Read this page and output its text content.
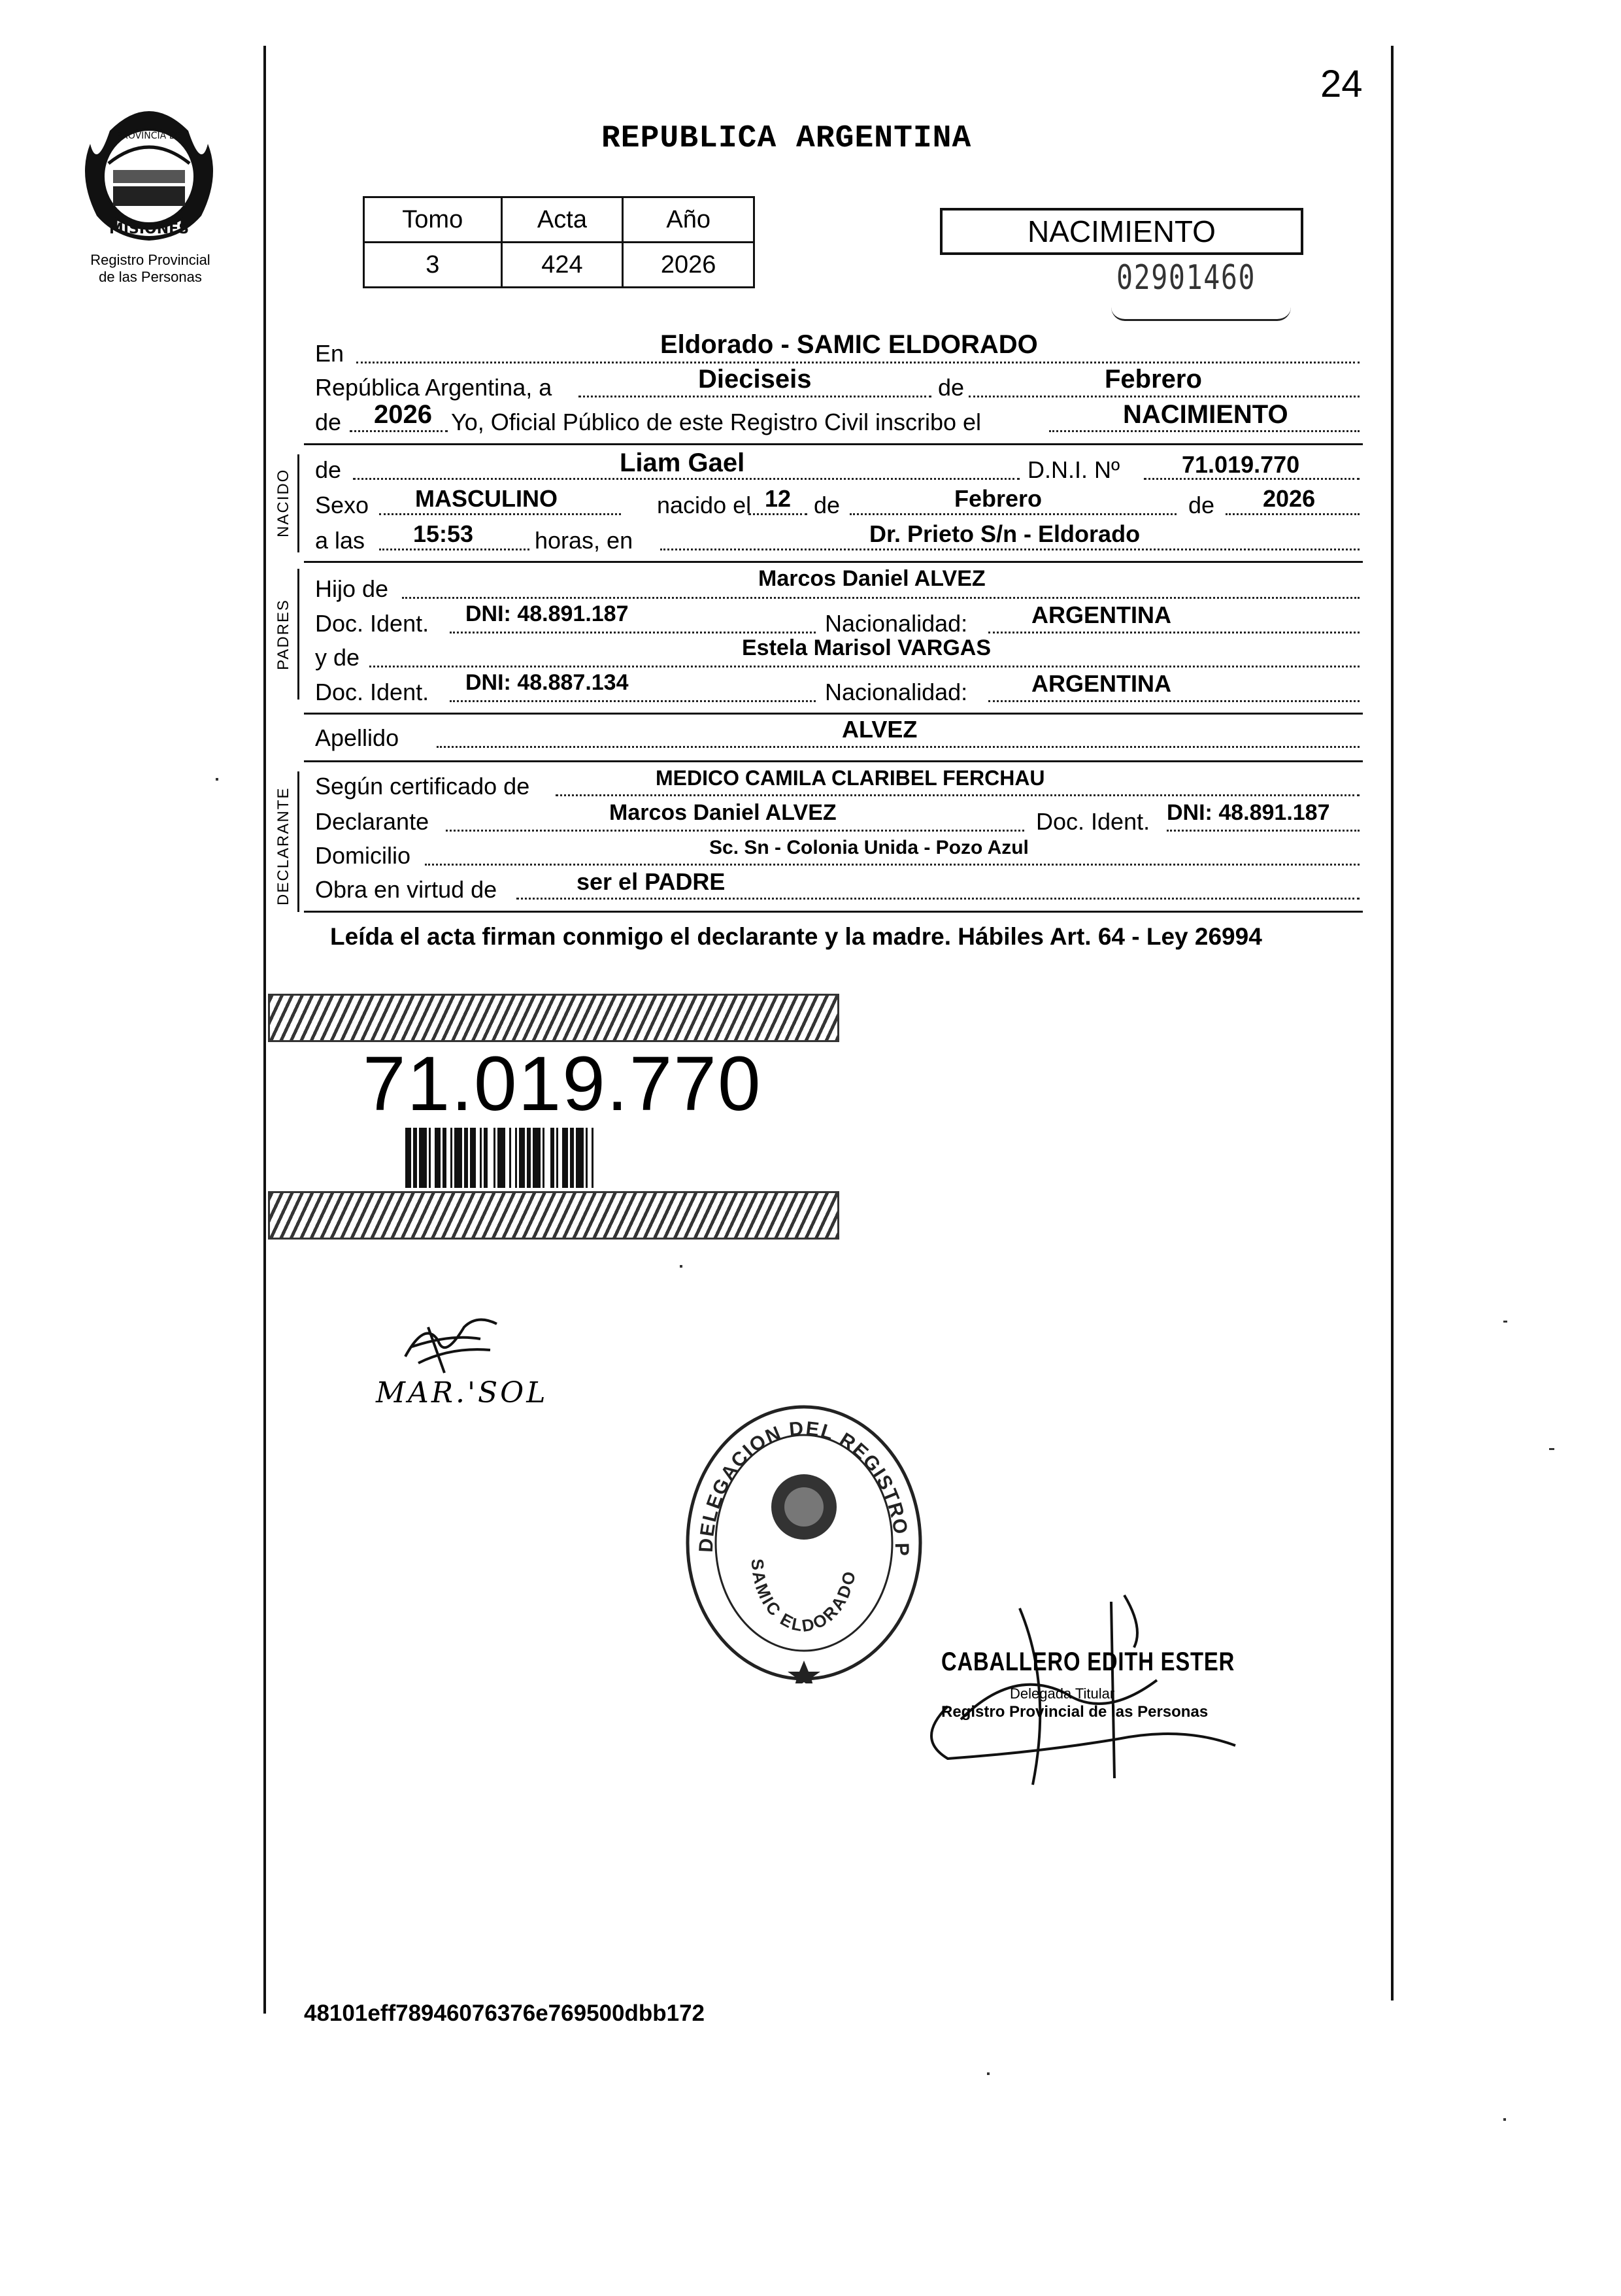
MISIONES
PROVINCIA DE
Registro Provincial
de las Personas
24
REPUBLICA ARGENTINA
Tomo	Acta	Año
3	424	2026
NACIMIENTO
02901460
En	Eldorado - SAMIC ELDORADO
República Argentina, a	Dieciseis	de	Febrero
de 2026 Yo, Oficial Público de este Registro Civil inscribo el	NACIMIENTO
NACIDO de	Liam Gael	D.N.I. Nº	71.019.770
Sexo MASCULINO	nacido el 12 de	Febrero	de 2026
a las 15:53	horas, en	Dr. Prieto S/n - Eldorado
PADRES
Hijo de	Marcos Daniel ALVEZ
Doc. Ident. DNI: 48.891.187	Nacionalidad:	ARGENTINA
y de	Estela Marisol VARGAS
Doc. Ident. DNI: 48.887.134	Nacionalidad:	ARGENTINA
Apellido	ALVEZ
DECLARANTE
Según certificado de	MEDICO CAMILA CLARIBEL FERCHAU
Declarante	Marcos Daniel ALVEZ	Doc. Ident. DNI: 48.891.187
Domicilio	Sc. Sn - Colonia Unida - Pozo Azul
Obra en virtud de	ser el PADRE
Leída el acta firman conmigo el declarante y la madre. Hábiles Art. 64 - Ley 26994
71.019.770
MAR.'SOL
DELEGACION DEL REGISTRO P
SAMIC ELDORADO
CABALLERO EDITH ESTER
Delegada Titular
Registro Provincial de las Personas
48101eff78946076376e769500dbb172
